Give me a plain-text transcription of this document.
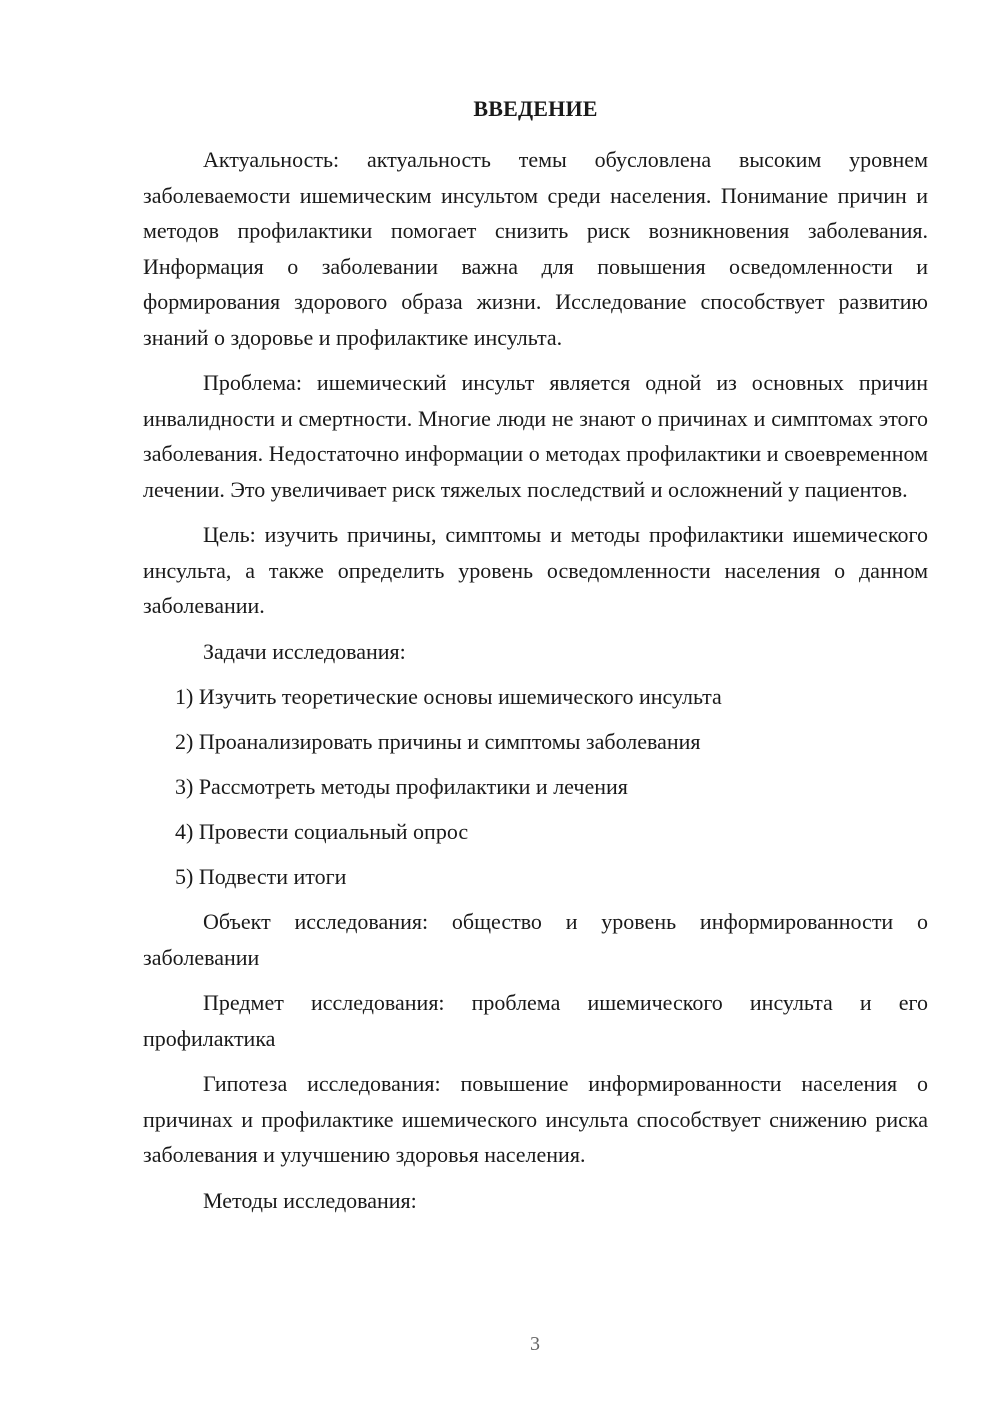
ВВЕДЕНИЕ

Актуальность: актуальность темы обусловлена высоким уровнем заболеваемости ишемическим инсультом среди населения. Понимание причин и методов профилактики помогает снизить риск возникновения заболевания. Информация о заболевании важна для повышения осведомленности и формирования здорового образа жизни. Исследование способствует развитию знаний о здоровье и профилактике инсульта.

Проблема: ишемический инсульт является одной из основных причин инвалидности и смертности. Многие люди не знают о причинах и симптомах этого заболевания. Недостаточно информации о методах профилактики и своевременном лечении. Это увеличивает риск тяжелых последствий и осложнений у пациентов.

Цель: изучить причины, симптомы и методы профилактики ишемического инсульта, а также определить уровень осведомленности населения о данном заболевании.

Задачи исследования:

1) Изучить теоретические основы ишемического инсульта

2) Проанализировать причины и симптомы заболевания

3) Рассмотреть методы профилактики и лечения

4) Провести социальный опрос

5) Подвести итоги

Объект исследования: общество и уровень информированности о заболевании

Предмет исследования: проблема ишемического инсульта и его профилактика

Гипотеза исследования: повышение информированности населения о причинах и профилактике ишемического инсульта способствует снижению риска заболевания и улучшению здоровья населения.

Методы исследования:

3
